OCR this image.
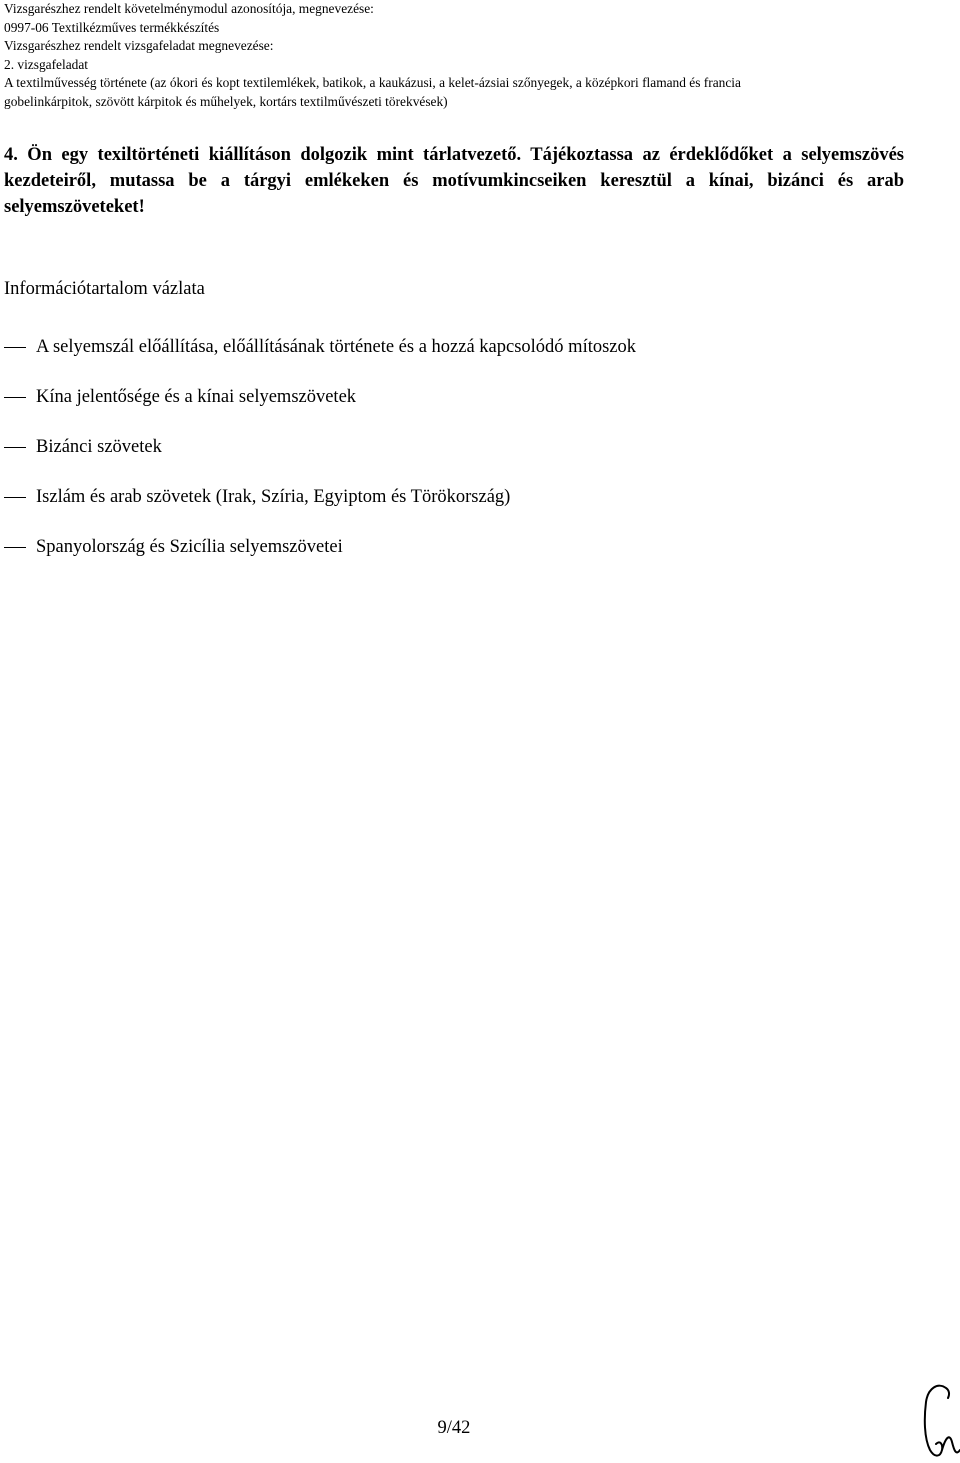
Vizsgarészhez rendelt követelménymodul azonosítója, megnevezése:
0997-06 Textilkézműves termékkészítés
Vizsgarészhez rendelt vizsgafeladat megnevezése:
2. vizsgafeladat
A textilművesség története (az ókori és kopt textilemlékek, batikok, a kaukázusi, a kelet-ázsiai szőnyegek, a középkori flamand és francia
gobelinkárpitok, szövött kárpitok és műhelyek, kortárs textilművészeti törekvések)
4. Ön egy texiltörténeti kiállításon dolgozik mint tárlatvezető. Tájékoztassa az érdeklődőket a selyemszövés kezdeteiről, mutassa be a tárgyi emlékeken és motívumkincseiken keresztül a kínai, bizánci és arab selyemszöveteket!
Információtartalom vázlata
A selyemszál előállítása, előállításának története és a hozzá kapcsolódó mítoszok
Kína jelentősége és a kínai selyemszövetek
Bizánci szövetek
Iszlám és arab szövetek (Irak, Szíria, Egyiptom és Törökország)
Spanyolország és Szicília selyemszövetei
9/42
